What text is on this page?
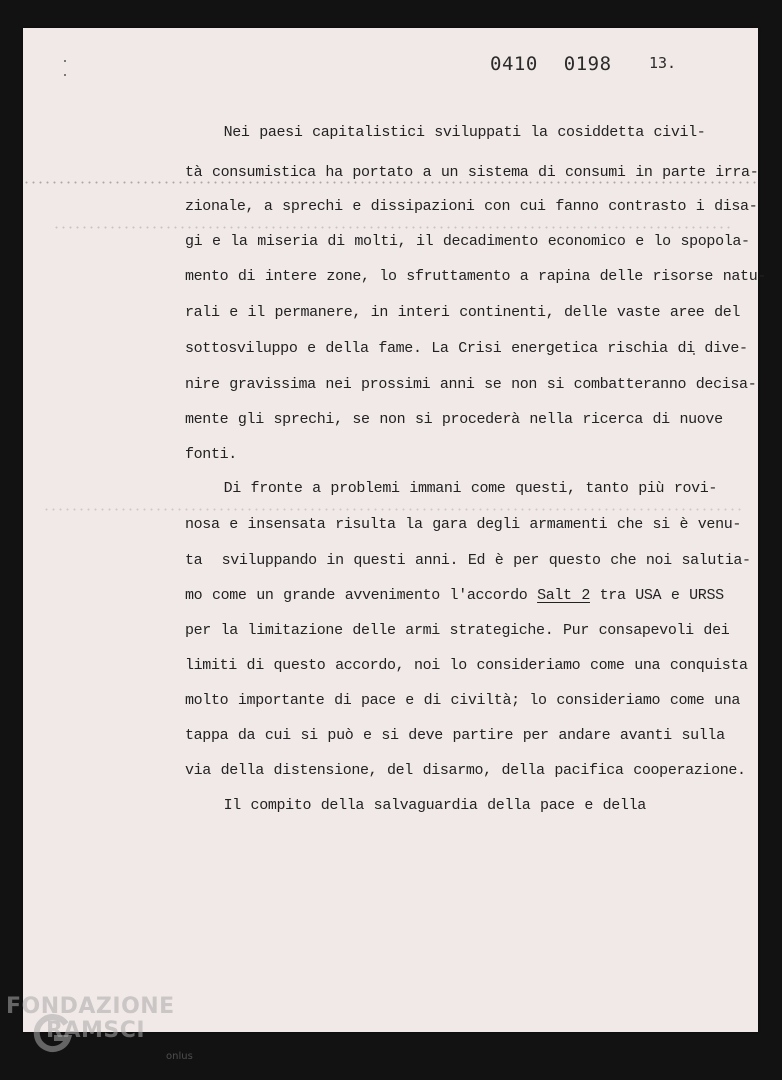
0410 0198 13.
Nei paesi capitalistici sviluppati la cosiddetta civil-
tà consumistica ha portato a un sistema di consumi in parte irra-
zionale, a sprechi e dissipazioni con cui fanno contrasto i disa-
gi e la miseria di molti, il decadimento economico e lo spopola-
mento di intere zone, lo sfruttamento a rapina delle risorse natu-
rali e il permanere, in interi continenti, delle vaste aree del
sottosviluppo e della fame. La Crisi energetica rischia di dive-
nire gravissima nei prossimi anni se non si combatteranno decisa-
mente gli sprechi, se non si procederà nella ricerca di nuove
fonti.
Di fronte a problemi immani come questi, tanto più rovi-
nosa e insensata risulta la gara degli armamenti che si è venu-
ta  sviluppando in questi anni. Ed è per questo che noi salutia-
mo come un grande avvenimento l'accordo Salt 2 tra USA e URSS
per la limitazione delle armi strategiche. Pur consapevoli dei
limiti di questo accordo, noi lo consideriamo come una conquista
molto importante di pace e di civiltà; lo consideriamo come una
tappa da cui si può e si deve partire per andare avanti sulla
via della distensione, del disarmo, della pacifica cooperazione.
Il compito della salvaguardia della pace e della
FONDAZIONE
RAMSCI
onlus
